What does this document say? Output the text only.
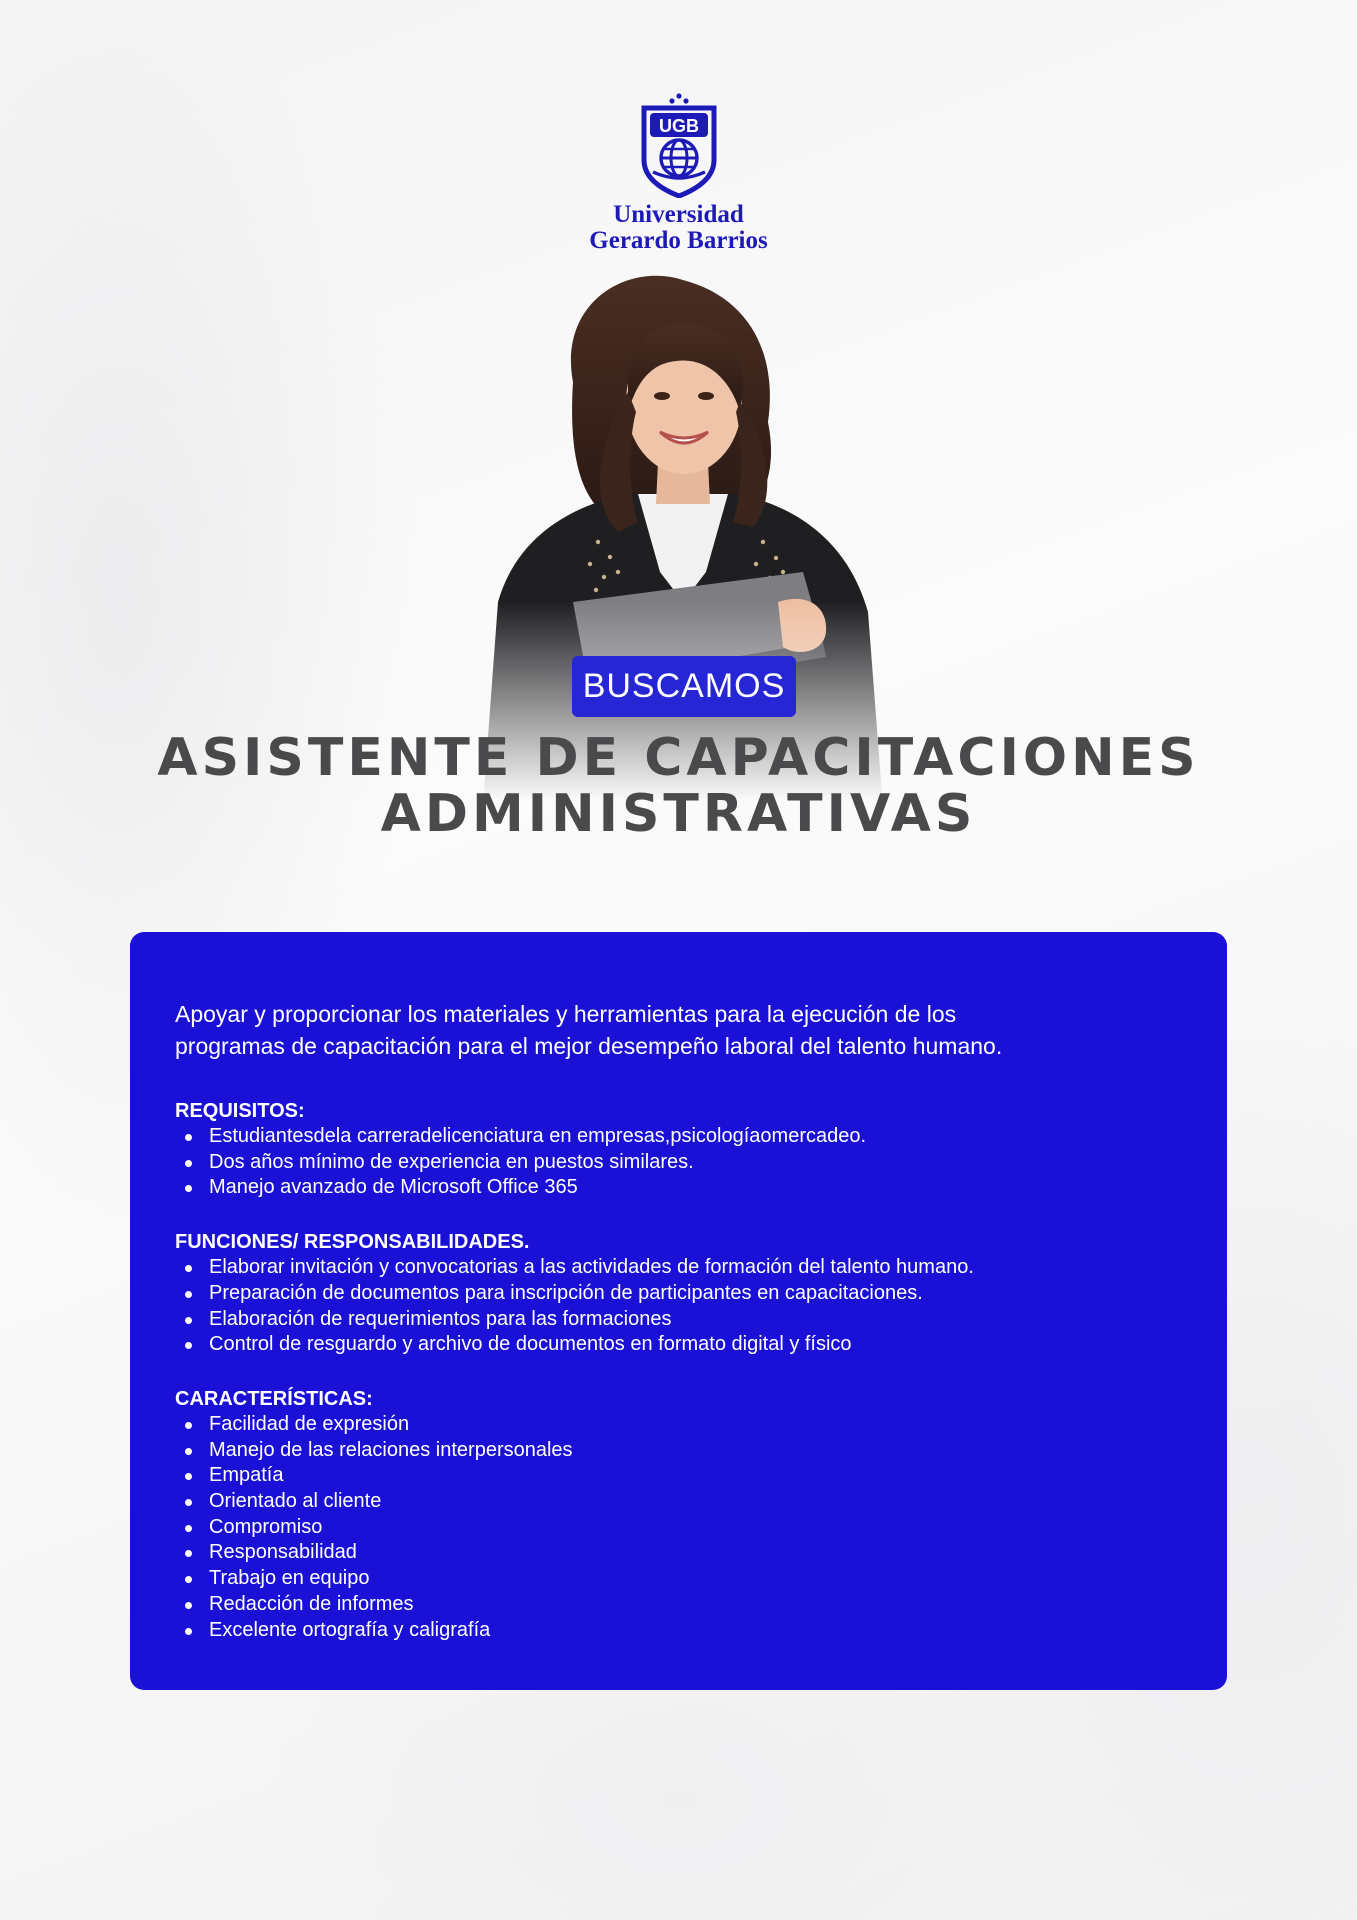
UGB
Universidad
Gerardo Barrios
BUSCAMOS
ASISTENTE DE CAPACITACIONES
ADMINISTRATIVAS

Apoyar y proporcionar los materiales y herramientas para la ejecución de los
programas de capacitación para el mejor desempeño laboral del talento humano.

REQUISITOS:

Estudiantesdela carreradelicenciatura en empresas,psicologíaomercadeo.
Dos años mínimo de experiencia en puestos similares.
Manejo avanzado de Microsoft Office 365

FUNCIONES/ RESPONSABILIDADES.

Elaborar invitación y convocatorias a las actividades de formación del talento humano.
Preparación de documentos para inscripción de participantes en capacitaciones.
Elaboración de requerimientos para las formaciones
Control de resguardo y archivo de documentos en formato digital y físico

CARACTERÍSTICAS:

Facilidad de expresión
Manejo de las relaciones interpersonales
Empatía
Orientado al cliente
Compromiso
Responsabilidad
Trabajo en equipo
Redacción de informes
Excelente ortografía y caligrafía
